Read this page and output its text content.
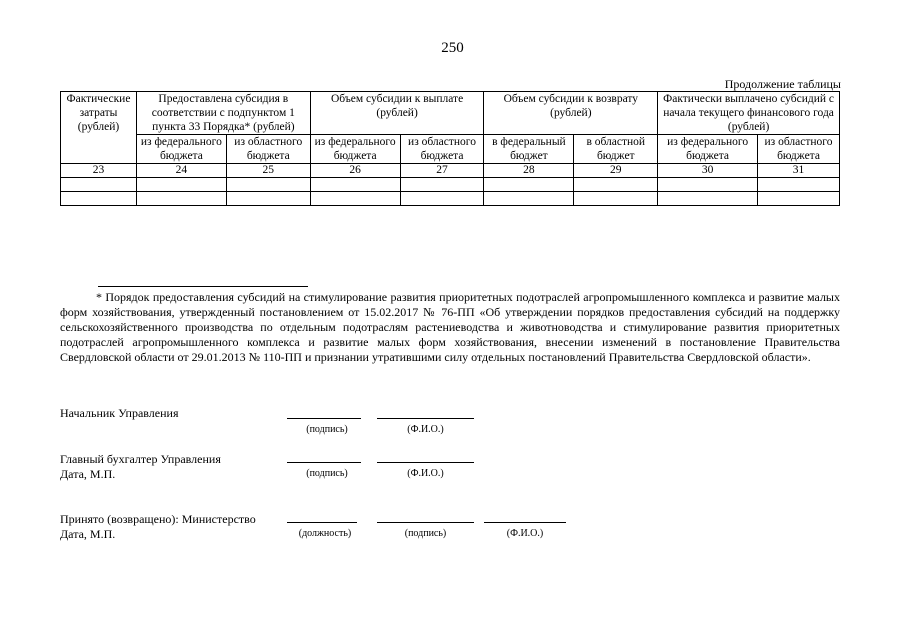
250
Продолжение таблицы
Фактические затраты (рублей)	Предоставлена субсидия в соответствии с подпунктом 1 пункта 33 Порядка* (рублей)		Объем субсидии к выплате (рублей)		Объем субсидии к возврату (рублей)		Фактически выплачено субсидий с начала текущего финансового года (рублей)	
	из федерального бюджета	из областного бюджета	из федерального бюджета	из областного бюджета	в федеральный бюджет	в областной бюджет	из федерального бюджета	из областного бюджета
23	24	25	26	27	28	29	30	31

* Порядок предоставления субсидий на стимулирование развития приоритетных подотраслей агропромышленного комплекса и развитие малых форм хозяйствования, утвержденный постановлением от 15.02.2017 № 76-ПП «Об утверждении порядков предоставления субсидий на поддержку сельскохозяйственного производства по отдельным подотраслям растениеводства и животноводства и стимулирование развития приоритетных подотраслей агропромышленного комплекса и развитие малых форм хозяйствования, внесении изменений в постановление Правительства Свердловской области от 29.01.2013 № 110-ПП и признании утратившими силу отдельных постановлений Правительства Свердловской области».

Начальник Управления
(подпись)	(Ф.И.О.)
Главный бухгалтер Управления
Дата, М.П.	(подпись)	(Ф.И.О.)
Принято (возвращено): Министерство
Дата, М.П.	(должность)	(подпись)	(Ф.И.О.)
